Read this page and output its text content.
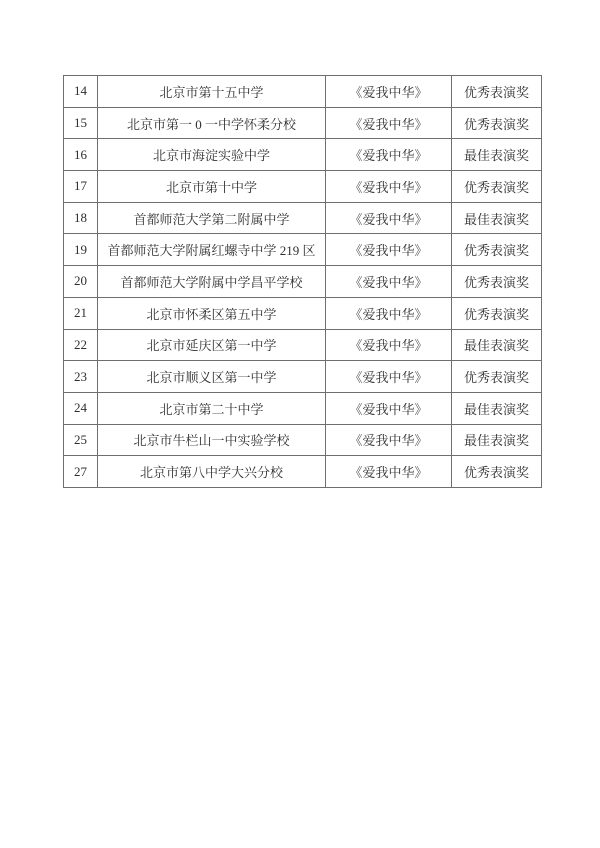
14	北京市第十五中学	《爱我中华》	优秀表演奖
15	北京市第一 0 一中学怀柔分校	《爱我中华》	优秀表演奖
16	北京市海淀实验中学	《爱我中华》	最佳表演奖
17	北京市第十中学	《爱我中华》	优秀表演奖
18	首都师范大学第二附属中学	《爱我中华》	最佳表演奖
19	首都师范大学附属红螺寺中学 219 区	《爱我中华》	优秀表演奖
20	首都师范大学附属中学昌平学校	《爱我中华》	优秀表演奖
21	北京市怀柔区第五中学	《爱我中华》	优秀表演奖
22	北京市延庆区第一中学	《爱我中华》	最佳表演奖
23	北京市顺义区第一中学	《爱我中华》	优秀表演奖
24	北京市第二十中学	《爱我中华》	最佳表演奖
25	北京市牛栏山一中实验学校	《爱我中华》	最佳表演奖
27	北京市第八中学大兴分校	《爱我中华》	优秀表演奖
